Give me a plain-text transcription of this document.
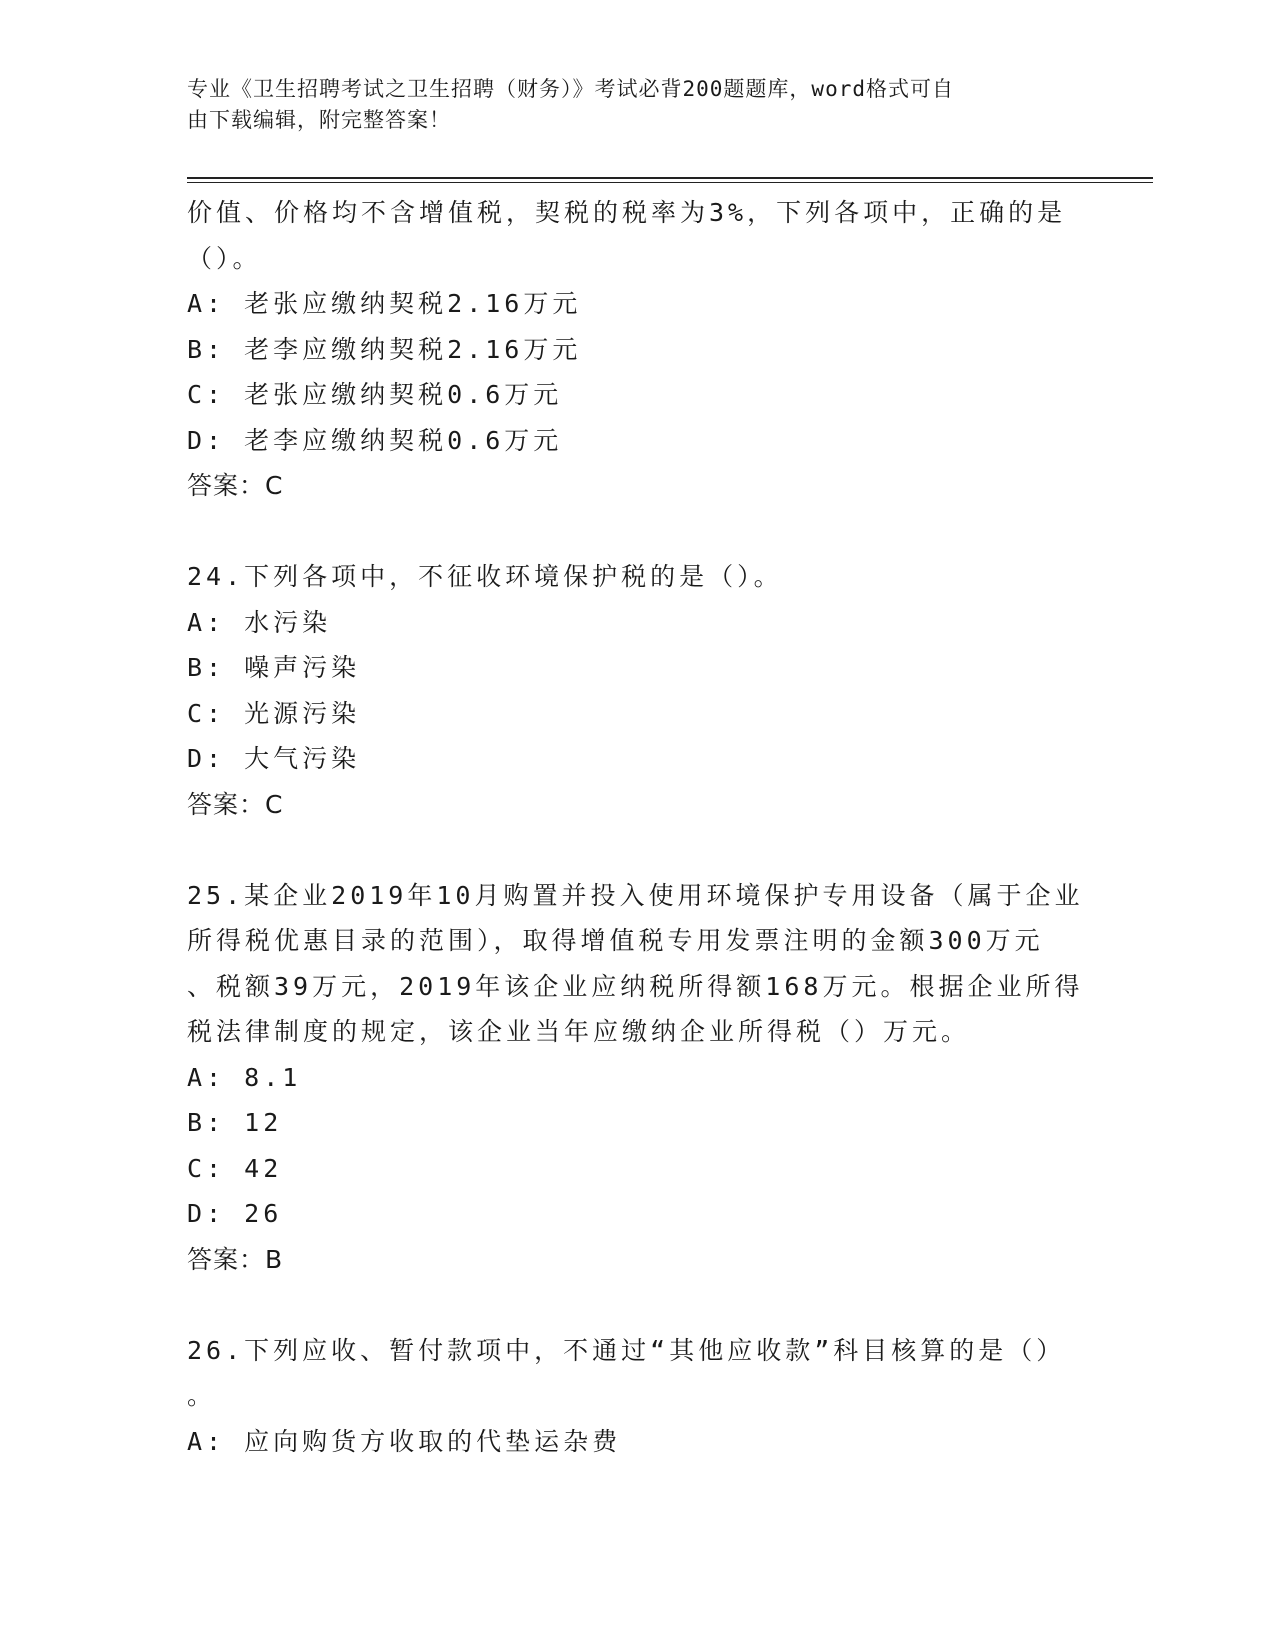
专业《卫生招聘考试之卫生招聘（财务）》考试必背200题题库，word格式可自
由下载编辑，附完整答案！
价值、价格均不含增值税，契税的税率为3%，下列各项中，正确的是
（）。
A: 老张应缴纳契税2.16万元
B: 老李应缴纳契税2.16万元
C: 老张应缴纳契税0.6万元
D: 老李应缴纳契税0.6万元
答案：C
24.下列各项中，不征收环境保护税的是（）。
A: 水污染
B: 噪声污染
C: 光源污染
D: 大气污染
答案：C
25.某企业2019年10月购置并投入使用环境保护专用设备（属于企业
所得税优惠目录的范围），取得增值税专用发票注明的金额300万元
、税额39万元，2019年该企业应纳税所得额168万元。根据企业所得
税法律制度的规定，该企业当年应缴纳企业所得税（）万元。
A: 8.1
B: 12
C: 42
D: 26
答案：B
26.下列应收、暂付款项中，不通过“其他应收款”科目核算的是（）
。
A: 应向购货方收取的代垫运杂费
